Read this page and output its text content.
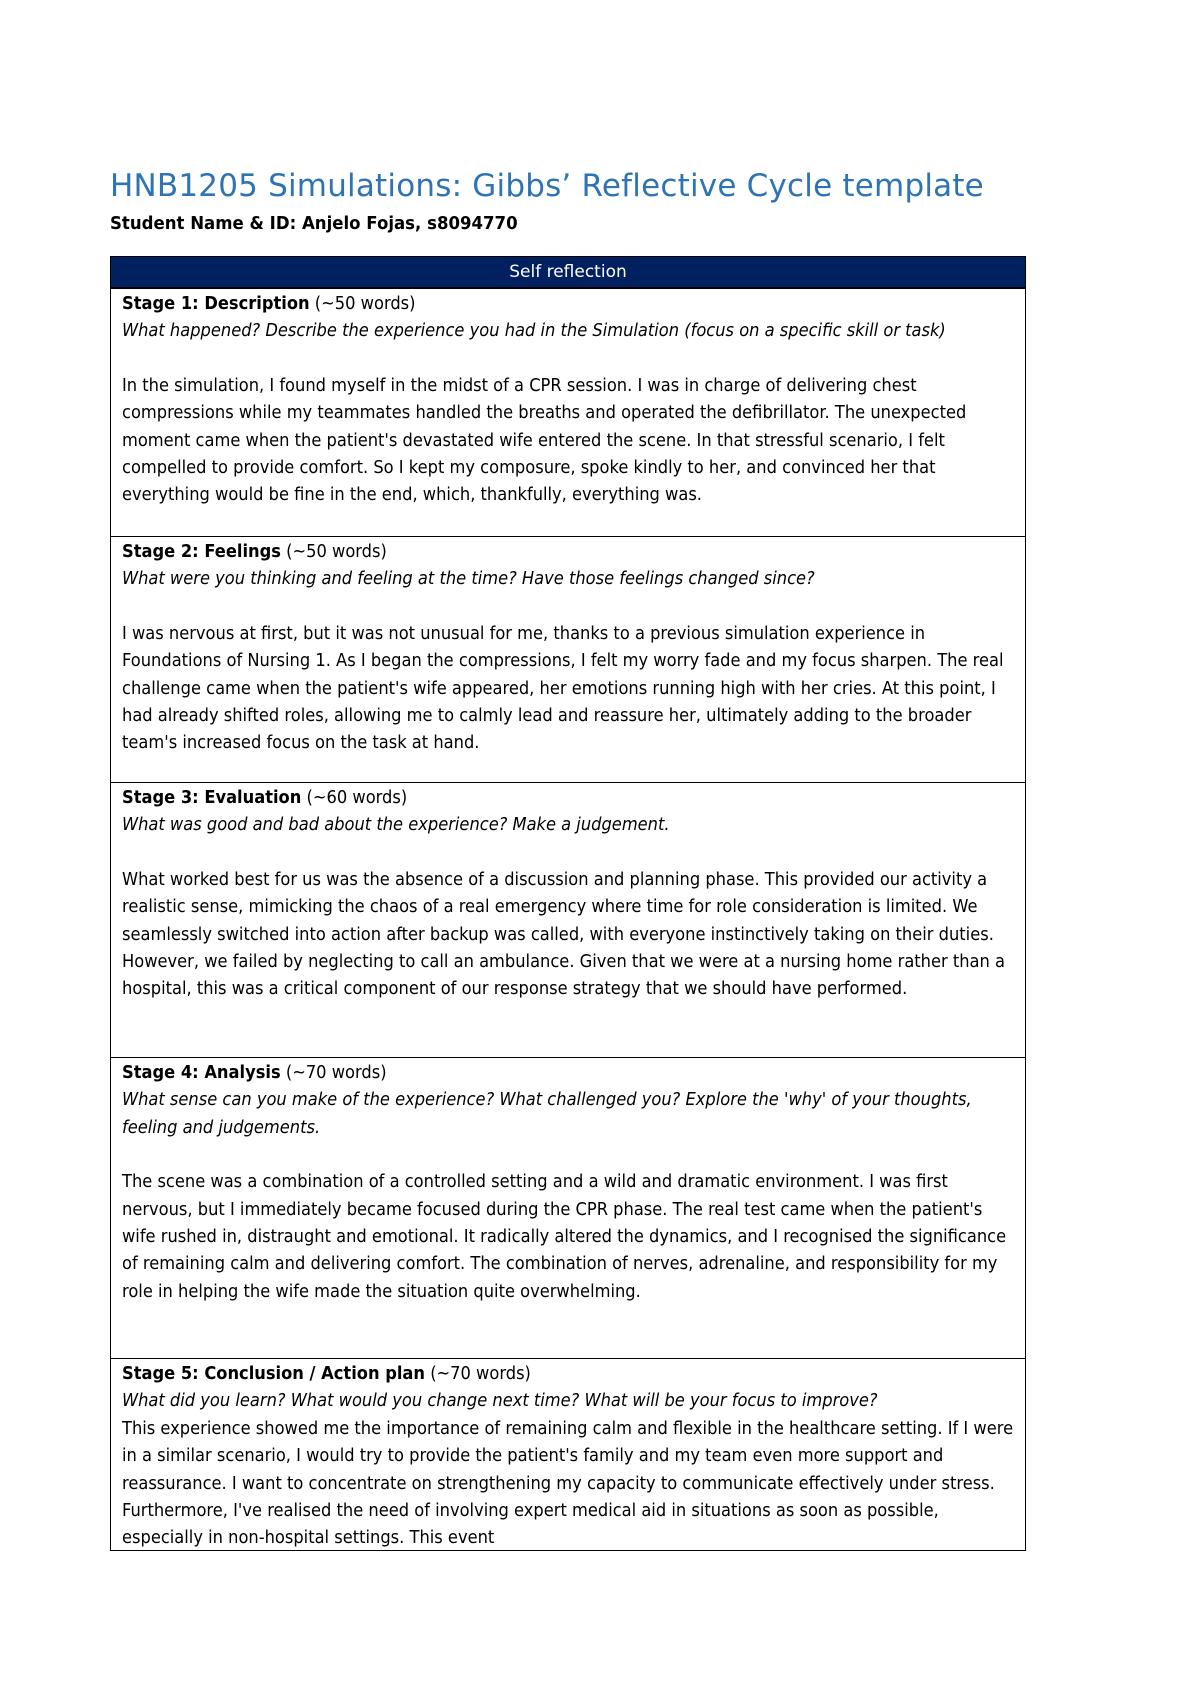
HNB1205 Simulations: Gibbs’ Reflective Cycle template
Student Name & ID: Anjelo Fojas, s8094770
Self reflection
Stage 1: Description (~50 words)
What happened? Describe the experience you had in the Simulation (focus on a specific skill or task)
In the simulation, I found myself in the midst of a CPR session. I was in charge of delivering chest compressions while my teammates handled the breaths and operated the defibrillator. The unexpected moment came when the patient's devastated wife entered the scene. In that stressful scenario, I felt compelled to provide comfort. So I kept my composure, spoke kindly to her, and convinced her that everything would be fine in the end, which, thankfully, everything was.
Stage 2: Feelings (~50 words)
What were you thinking and feeling at the time? Have those feelings changed since?
I was nervous at first, but it was not unusual for me, thanks to a previous simulation experience in Foundations of Nursing 1. As I began the compressions, I felt my worry fade and my focus sharpen. The real challenge came when the patient's wife appeared, her emotions running high with her cries. At this point, I had already shifted roles, allowing me to calmly lead and reassure her, ultimately adding to the broader team's increased focus on the task at hand.
Stage 3: Evaluation (~60 words)
What was good and bad about the experience? Make a judgement.
What worked best for us was the absence of a discussion and planning phase. This provided our activity a realistic sense, mimicking the chaos of a real emergency where time for role consideration is limited. We seamlessly switched into action after backup was called, with everyone instinctively taking on their duties. However, we failed by neglecting to call an ambulance. Given that we were at a nursing home rather than a hospital, this was a critical component of our response strategy that we should have performed.
Stage 4: Analysis (~70 words)
What sense can you make of the experience? What challenged you? Explore the 'why' of your thoughts, feeling and judgements.
The scene was a combination of a controlled setting and a wild and dramatic environment. I was first nervous, but I immediately became focused during the CPR phase. The real test came when the patient's wife rushed in, distraught and emotional. It radically altered the dynamics, and I recognised the significance of remaining calm and delivering comfort. The combination of nerves, adrenaline, and responsibility for my role in helping the wife made the situation quite overwhelming.
Stage 5: Conclusion / Action plan (~70 words)
What did you learn? What would you change next time? What will be your focus to improve?
This experience showed me the importance of remaining calm and flexible in the healthcare setting. If I were in a similar scenario, I would try to provide the patient's family and my team even more support and reassurance. I want to concentrate on strengthening my capacity to communicate effectively under stress. Furthermore, I've realised the need of involving expert medical aid in situations as soon as possible, especially in non-hospital settings. This event
